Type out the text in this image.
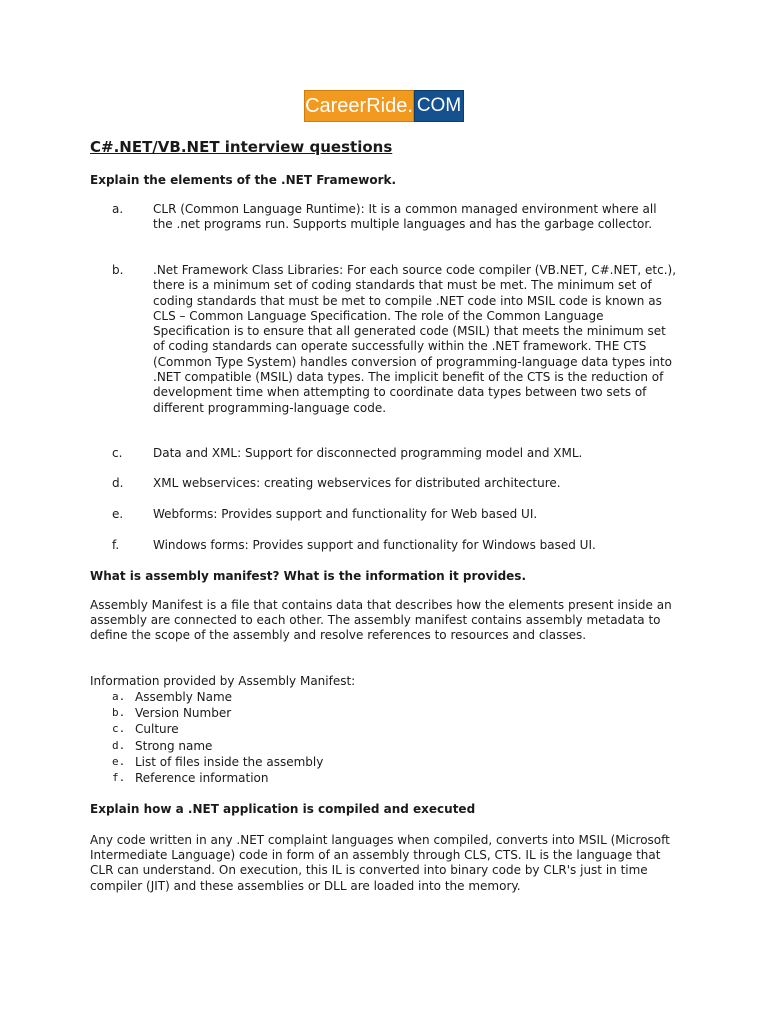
CareerRide. COM
C#.NET/VB.NET interview questions
Explain the elements of the .NET Framework.
a.	CLR (Common Language Runtime): It is a common managed environment where all the .net programs run. Supports multiple languages and has the garbage collector.
b.	.Net Framework Class Libraries: For each source code compiler (VB.NET, C#.NET, etc.), there is a minimum set of coding standards that must be met. The minimum set of coding standards that must be met to compile .NET code into MSIL code is known as CLS – Common Language Specification. The role of the Common Language Specification is to ensure that all generated code (MSIL) that meets the minimum set of coding standards can operate successfully within the .NET framework. THE CTS (Common Type System) handles conversion of programming-language data types into .NET compatible (MSIL) data types. The implicit benefit of the CTS is the reduction of development time when attempting to coordinate data types between two sets of different programming-language code.
c.	Data and XML: Support for disconnected programming model and XML.
d.	XML webservices: creating webservices for distributed architecture.
e.	Webforms: Provides support and functionality for Web based UI.
f.	Windows forms: Provides support and functionality for Windows based UI.
What is assembly manifest? What is the information it provides.

Assembly Manifest is a file that contains data that describes how the elements present inside an assembly are connected to each other. The assembly manifest contains assembly metadata to define the scope of the assembly and resolve references to resources and classes.

Information provided by Assembly Manifest:
a. Assembly Name
b. Version Number
c. Culture
d. Strong name
e. List of files inside the assembly
f. Reference information
Explain how a .NET application is compiled and executed

Any code written in any .NET complaint languages when compiled, converts into MSIL (Microsoft Intermediate Language) code in form of an assembly through CLS, CTS. IL is the language that CLR can understand. On execution, this IL is converted into binary code by CLR's just in time compiler (JIT) and these assemblies or DLL are loaded into the memory.
